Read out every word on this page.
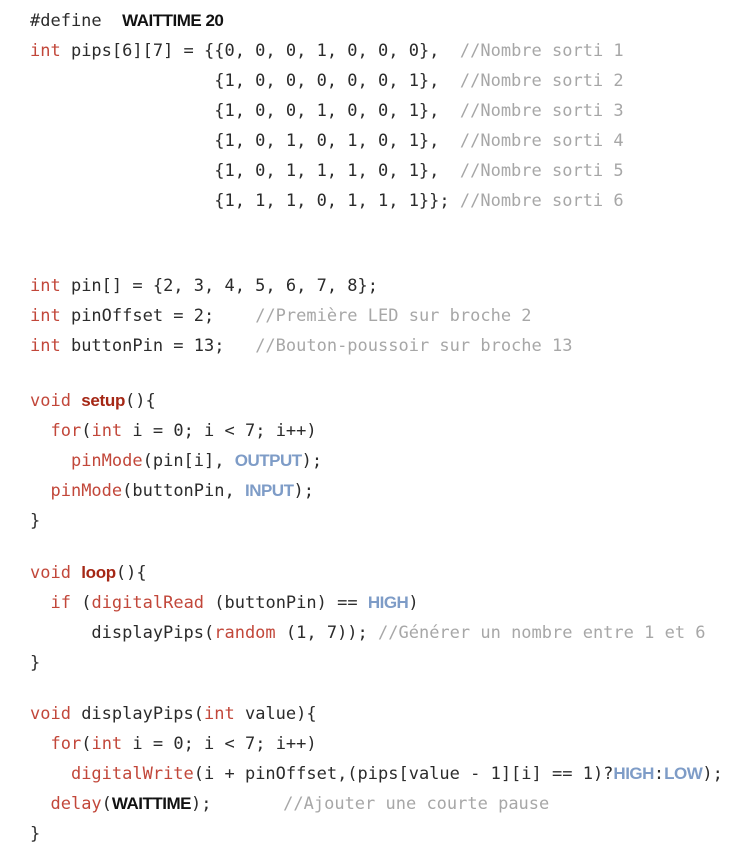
#define  WAITTIME 20
int pips[6][7] = {{0, 0, 0, 1, 0, 0, 0},  //Nombre sorti 1
{1, 0, 0, 0, 0, 0, 1},  //Nombre sorti 2
{1, 0, 0, 1, 0, 0, 1},  //Nombre sorti 3
{1, 0, 1, 0, 1, 0, 1},  //Nombre sorti 4
{1, 0, 1, 1, 1, 0, 1},  //Nombre sorti 5
{1, 1, 1, 0, 1, 1, 1}}; //Nombre sorti 6
int pin[] = {2, 3, 4, 5, 6, 7, 8};
int pinOffset = 2;    //Première LED sur broche 2
int buttonPin = 13;   //Bouton-poussoir sur broche 13
void setup(){
for(int i = 0; i < 7; i++)
pinMode(pin[i], OUTPUT);
pinMode(buttonPin, INPUT);
}
void loop(){
if (digitalRead (buttonPin) == HIGH)
displayPips(random (1, 7)); //Générer un nombre entre 1 et 6
}
void displayPips(int value){
for(int i = 0; i < 7; i++)
digitalWrite(i + pinOffset,(pips[value - 1][i] == 1)?HIGH:LOW);
delay(WAITTIME);       //Ajouter une courte pause
}
